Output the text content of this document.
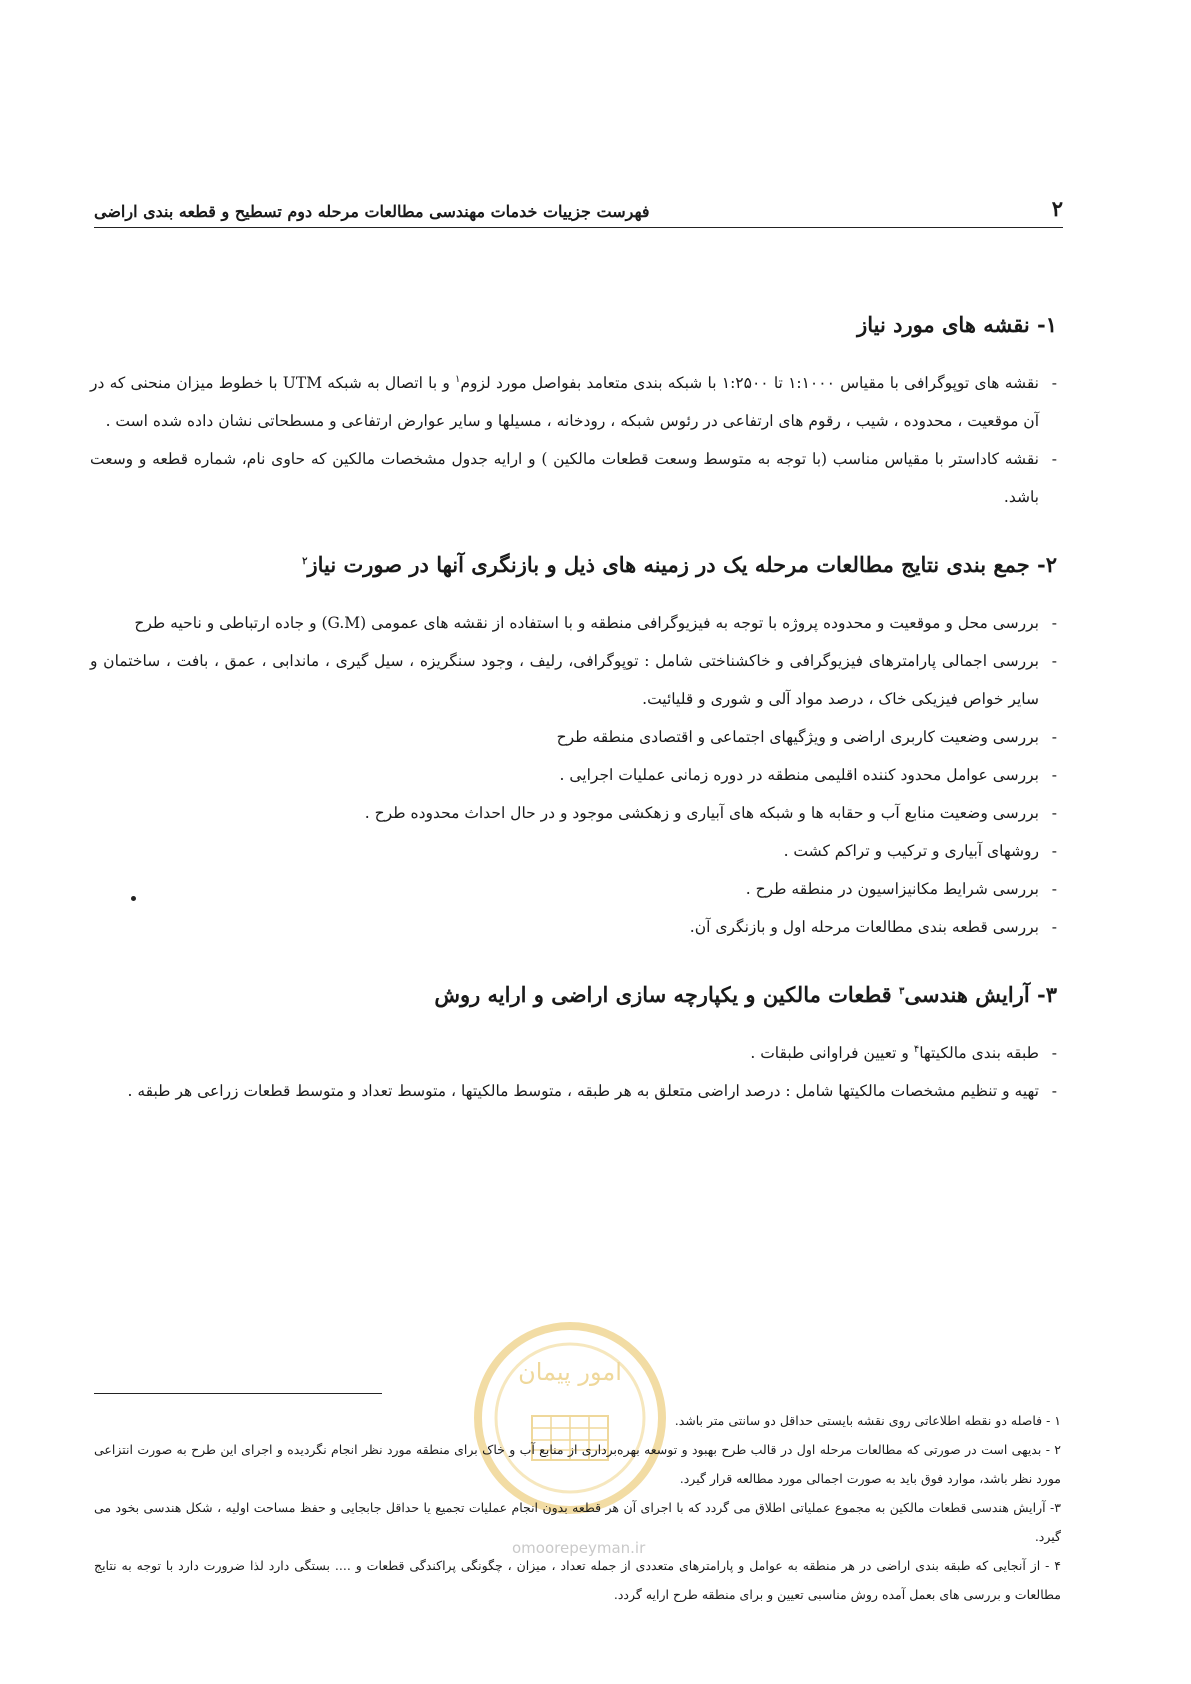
۲
فهرست جزییات خدمات مهندسی مطالعات مرحله دوم تسطیح و قطعه بندی اراضی
۱- نقشه های مورد نیاز

- نقشه های توپوگرافی با مقیاس ۱:۱۰۰۰ تا ۱:۲۵۰۰ با شبکه بندی متعامد بفواصل مورد لزوم$^۱$ و با اتصال به شبکه UTM با خطوط میزان منحنی که در آن موقعیت ، محدوده ، شیب ، رقوم های ارتفاعی در رئوس شبکه ، رودخانه ، مسیلها و سایر عوارض ارتفاعی و مسطحاتی نشان داده شده است .

- نقشه کاداستر با مقیاس مناسب (با توجه به متوسط وسعت قطعات مالکین ) و ارایه جدول مشخصات مالکین که حاوی نام، شماره قطعه و وسعت باشد.

۲- جمع بندی نتایج مطالعات مرحله یک در زمینه های ذیل و بازنگری آنها در صورت نیاز$^۲$

- بررسی محل و موقعیت و محدوده پروژه با توجه به فیزیوگرافی منطقه و با استفاده از نقشه های عمومی (G.M) و جاده ارتباطی و ناحیه طرح

- بررسی اجمالی پارامترهای فیزیوگرافی و خاکشناختی شامل : توپوگرافی، رلیف ، وجود سنگریزه ، سیل گیری ، ماندابی ، عمق ، بافت ، ساختمان و سایر خواص فیزیکی خاک ، درصد مواد آلی و شوری و قلیائیت.

- بررسی وضعیت کاربری اراضی و ویژگیهای اجتماعی و اقتصادی منطقه طرح

- بررسی عوامل محدود کننده اقلیمی منطقه در دوره زمانی عملیات اجرایی .

- بررسی وضعیت منابع آب و حقابه ها و شبکه های آبیاری و زهکشی موجود و در حال احداث محدوده طرح .

- روشهای آبیاری و ترکیب و تراکم کشت .

- بررسی شرایط مکانیزاسیون در منطقه طرح .

- بررسی قطعه بندی مطالعات مرحله اول و بازنگری آن.

۳- آرایش هندسی$^۳$ قطعات مالکین و یکپارچه سازی اراضی و ارایه روش

- طبقه بندی مالکیتها$^۴$ و تعیین فراوانی طبقات .

- تهیه و تنظیم مشخصات مالکیتها شامل : درصد اراضی متعلق به هر طبقه ، متوسط مالکیتها ، متوسط تعداد و متوسط قطعات زراعی هر طبقه .

امور پیمان
omoorepeyman.ir

۱ - فاصله دو نقطه اطلاعاتی روی نقشه بایستی حداقل دو سانتی متر باشد.

۲ - بدیهی است در صورتی که مطالعات مرحله اول در قالب طرح بهبود و توسعه بهره‌برداری از منابع آب و خاک برای منطقه مورد نظر انجام نگردیده و اجرای این طرح به صورت انتزاعی مورد نظر باشد، موارد فوق باید به صورت اجمالی مورد مطالعه قرار گیرد.

۳- آرایش هندسی قطعات مالکین به مجموع عملیاتی اطلاق می گردد که با اجرای آن هر قطعه بدون انجام عملیات تجمیع یا حداقل جابجایی و حفظ مساحت اولیه ، شکل هندسی بخود می گیرد.

۴ - از آنجایی که طبقه بندی اراضی در هر منطقه به عوامل و پارامترهای متعددی از جمله تعداد ، میزان ، چگونگی پراکندگی قطعات و .... بستگی دارد لذا ضرورت دارد با توجه به نتایج مطالعات و بررسی های بعمل آمده روش مناسبی تعیین و برای منطقه طرح ارایه گردد.
